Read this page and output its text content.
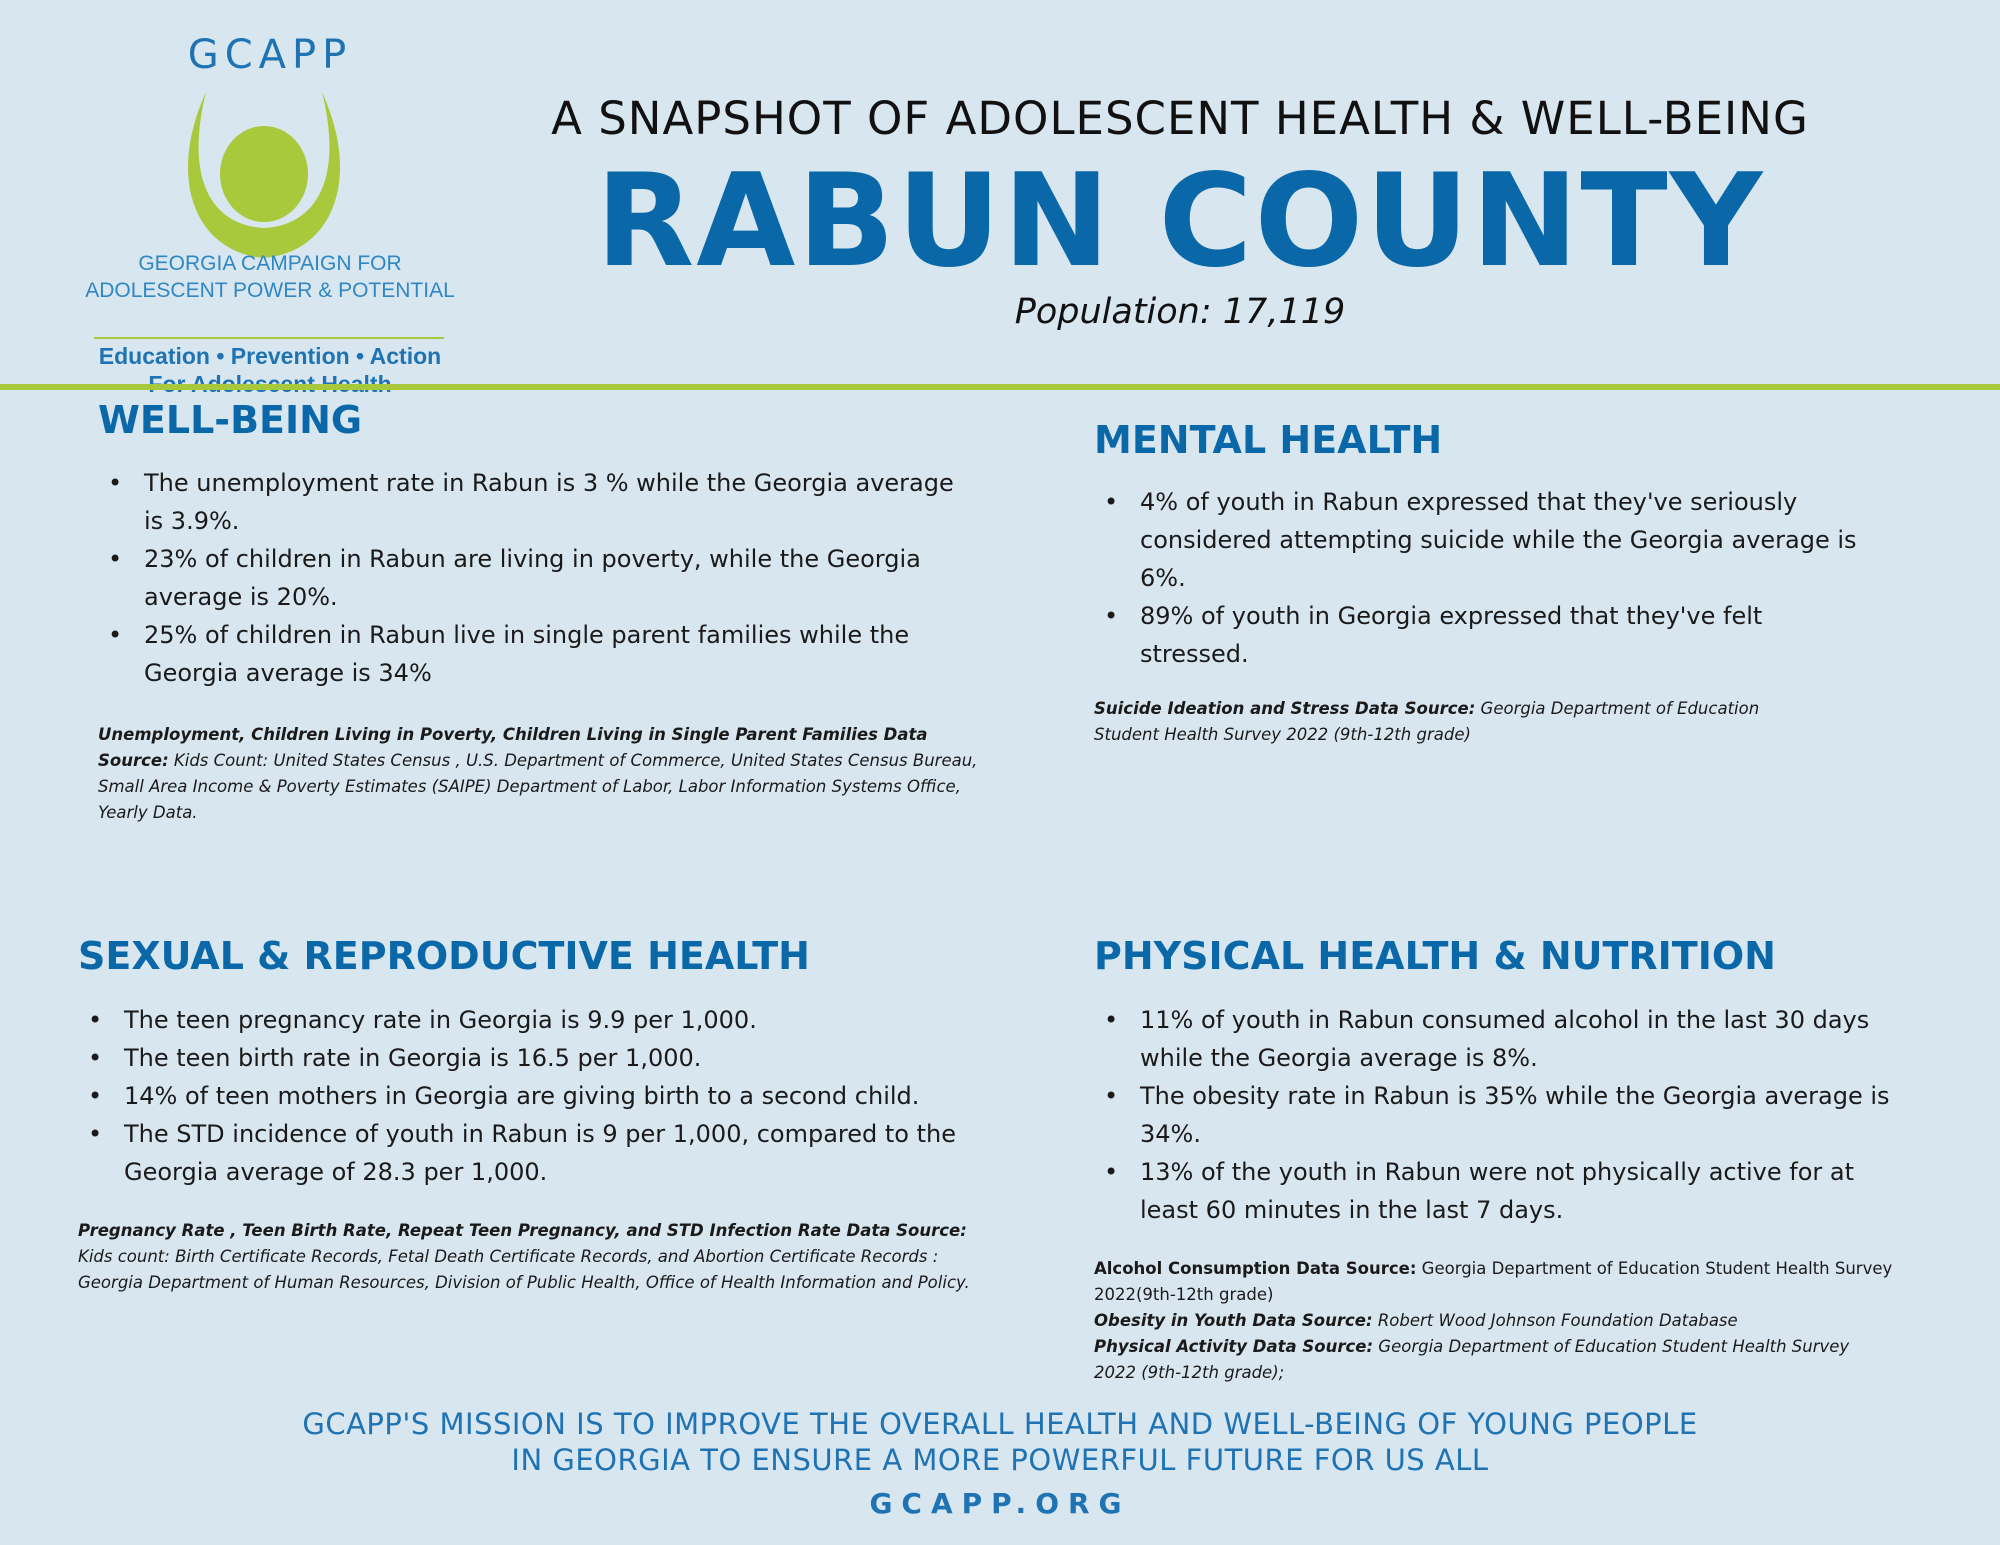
GCAPP
GEORGIA CAMPAIGN FOR
ADOLESCENT POWER & POTENTIAL
Education • Prevention • Action
A SNAPSHOT OF ADOLESCENT HEALTH & WELL-BEING
RABUN COUNTY
Population: 17,119
WELL-BEING
• The unemployment rate in Rabun is 3 % while the Georgia average is 3.9%.
• 23% of children in Rabun are living in poverty, while the Georgia average is 20%.
• 25% of children in Rabun live in single parent families while the Georgia average is 34%
Unemployment, Children Living in Poverty, Children Living in Single Parent Families Data Source: Kids Count: United States Census , U.S. Department of Commerce, United States Census Bureau, Small Area Income & Poverty Estimates (SAIPE) Department of Labor, Labor Information Systems Office, Yearly Data.
MENTAL HEALTH
• 4% of youth in Rabun expressed that they've seriously considered attempting suicide while the Georgia average is 6%.
• 89% of youth in Georgia expressed that they've felt stressed.
Suicide Ideation and Stress Data Source: Georgia Department of Education Student Health Survey 2022 (9th-12th grade)
SEXUAL & REPRODUCTIVE HEALTH
• The teen pregnancy rate in Georgia is 9.9 per 1,000.
• The teen birth rate in Georgia is 16.5 per 1,000.
• 14% of teen mothers in Georgia are giving birth to a second child.
• The STD incidence of youth in Rabun is 9 per 1,000, compared to the Georgia average of 28.3 per 1,000.
Pregnancy Rate , Teen Birth Rate, Repeat Teen Pregnancy, and STD Infection Rate Data Source: Kids count: Birth Certificate Records, Fetal Death Certificate Records, and Abortion Certificate Records : Georgia Department of Human Resources, Division of Public Health, Office of Health Information and Policy.
PHYSICAL HEALTH & NUTRITION
• 11% of youth in Rabun consumed alcohol in the last 30 days while the Georgia average is 8%.
• The obesity rate in Rabun is 35% while the Georgia average is 34%.
• 13% of the youth in Rabun were not physically active for at least 60 minutes in the last 7 days.
Alcohol Consumption Data Source: Georgia Department of Education Student Health Survey 2022(9th-12th grade)
Obesity in Youth Data Source: Robert Wood Johnson Foundation Database
Physical Activity Data Source: Georgia Department of Education Student Health Survey 2022 (9th-12th grade);
GCAPP'S MISSION IS TO IMPROVE THE OVERALL HEALTH AND WELL-BEING OF YOUNG PEOPLE
IN GEORGIA TO ENSURE A MORE POWERFUL FUTURE FOR US ALL
GCAPP.ORG
